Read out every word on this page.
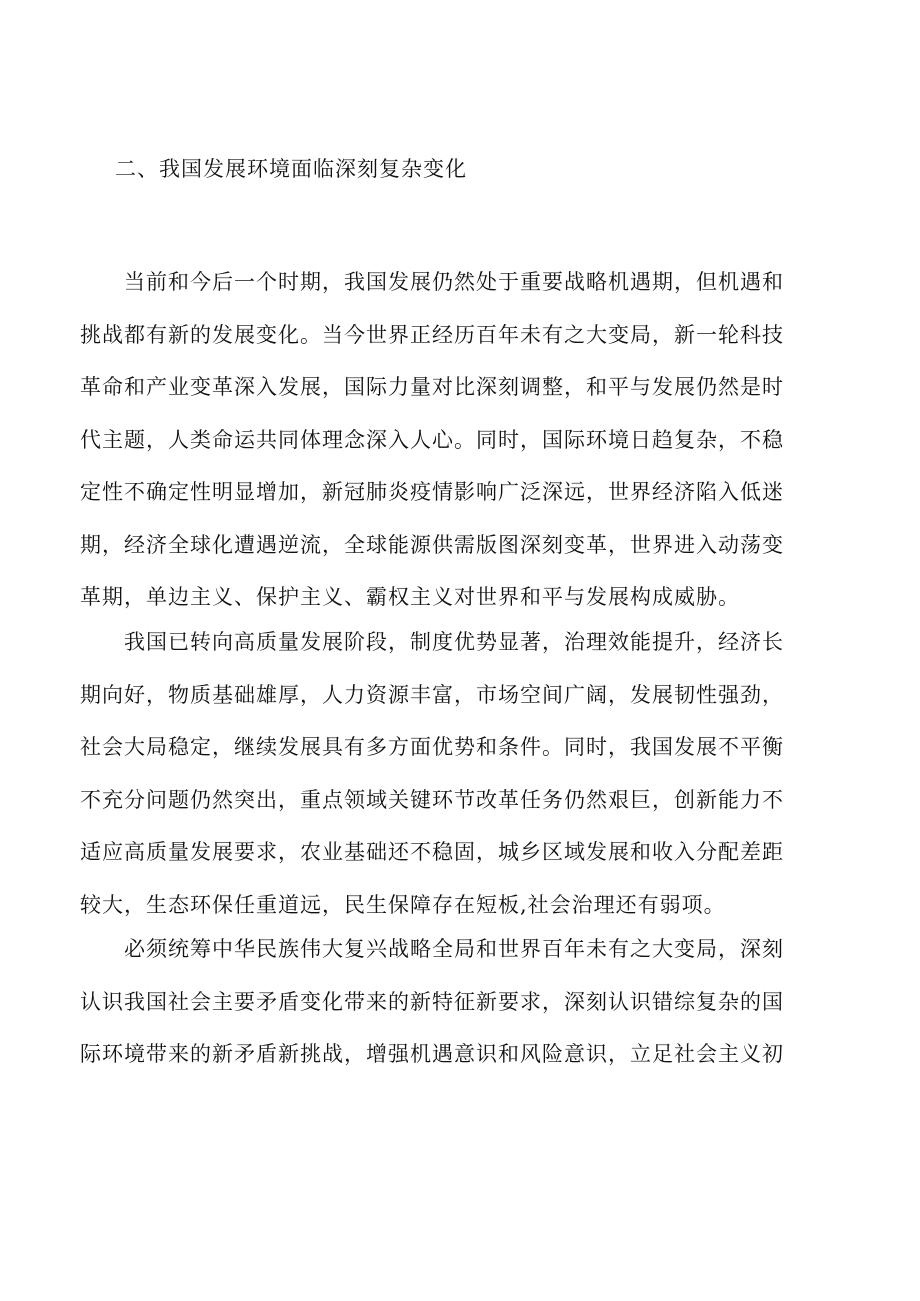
二、我国发展环境面临深刻复杂变化
当前和今后一个时期，我国发展仍然处于重要战略机遇期，但机遇和
挑战都有新的发展变化。当今世界正经历百年未有之大变局，新一轮科技
革命和产业变革深入发展，国际力量对比深刻调整，和平与发展仍然是时
代主题，人类命运共同体理念深入人心。同时，国际环境日趋复杂，不稳
定性不确定性明显增加，新冠肺炎疫情影响广泛深远，世界经济陷入低迷
期，经济全球化遭遇逆流，全球能源供需版图深刻变革，世界进入动荡变
革期，单边主义、保护主义、霸权主义对世界和平与发展构成威胁。
我国已转向高质量发展阶段，制度优势显著，治理效能提升，经济长
期向好，物质基础雄厚，人力资源丰富，市场空间广阔，发展韧性强劲，
社会大局稳定，继续发展具有多方面优势和条件。同时，我国发展不平衡
不充分问题仍然突出，重点领域关键环节改革任务仍然艰巨，创新能力不
适应高质量发展要求，农业基础还不稳固，城乡区域发展和收入分配差距
较大，生态环保任重道远，民生保障存在短板,社会治理还有弱项。
必须统筹中华民族伟大复兴战略全局和世界百年未有之大变局，深刻
认识我国社会主要矛盾变化带来的新特征新要求，深刻认识错综复杂的国
际环境带来的新矛盾新挑战，增强机遇意识和风险意识，立足社会主义初
